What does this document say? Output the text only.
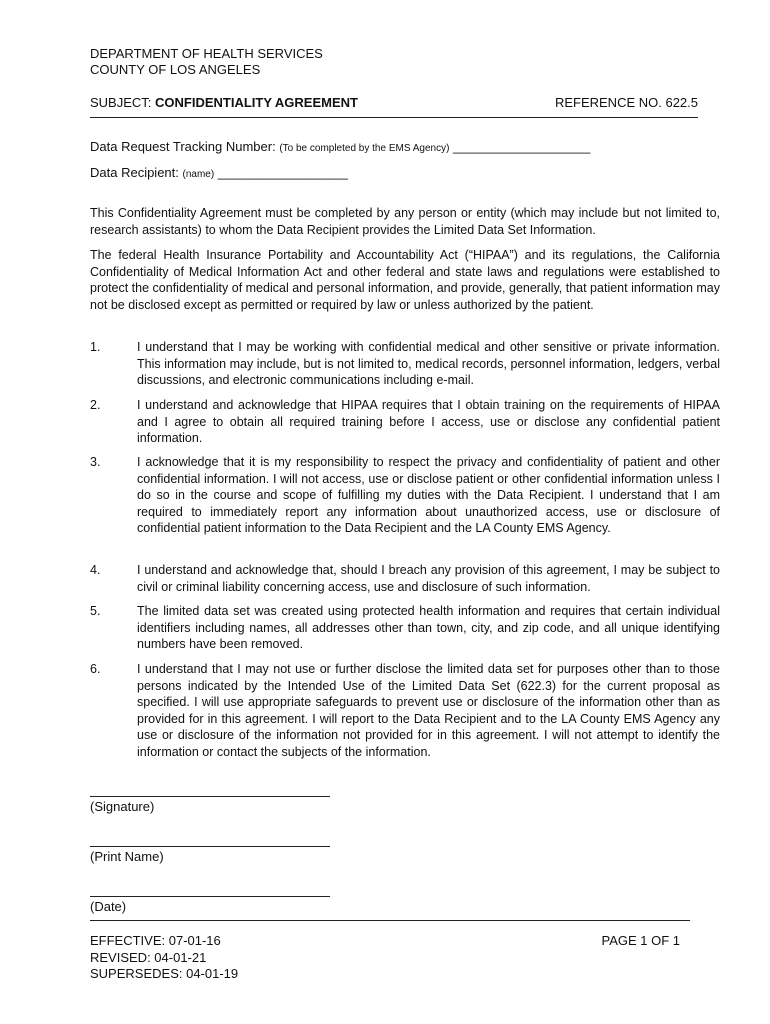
DEPARTMENT OF HEALTH SERVICES
COUNTY OF LOS ANGELES
SUBJECT: CONFIDENTIALITY AGREEMENT	REFERENCE NO. 622.5
Data Request Tracking Number: (To be completed by the EMS Agency) ___________________
Data Recipient: (name) __________________
This Confidentiality Agreement must be completed by any person or entity (which may include but not limited to, research assistants) to whom the Data Recipient provides the Limited Data Set Information.
The federal Health Insurance Portability and Accountability Act (“HIPAA”) and its regulations, the California Confidentiality of Medical Information Act and other federal and state laws and regulations were established to protect the confidentiality of medical and personal information, and provide, generally, that patient information may not be disclosed except as permitted or required by law or unless authorized by the patient.
1.	I understand that I may be working with confidential medical and other sensitive or private information. This information may include, but is not limited to, medical records, personnel information, ledgers, verbal discussions, and electronic communications including e-mail.
2.	I understand and acknowledge that HIPAA requires that I obtain training on the requirements of HIPAA and I agree to obtain all required training before I access, use or disclose any confidential patient information.
3.	I acknowledge that it is my responsibility to respect the privacy and confidentiality of patient and other confidential information. I will not access, use or disclose patient or other confidential information unless I do so in the course and scope of fulfilling my duties with the Data Recipient. I understand that I am required to immediately report any information about unauthorized access, use or disclosure of confidential patient information to the Data Recipient and the LA County EMS Agency.
4.	I understand and acknowledge that, should I breach any provision of this agreement, I may be subject to civil or criminal liability concerning access, use and disclosure of such information.
5.	The limited data set was created using protected health information and requires that certain individual identifiers including names, all addresses other than town, city, and zip code, and all unique identifying numbers have been removed.
6.	I understand that I may not use or further disclose the limited data set for purposes other than to those persons indicated by the Intended Use of the Limited Data Set (622.3) for the current proposal as specified. I will use appropriate safeguards to prevent use or disclosure of the information other than as provided for in this agreement. I will report to the Data Recipient and to the LA County EMS Agency any use or disclosure of the information not provided for in this agreement. I will not attempt to identify the information or contact the subjects of the information.
(Signature)
(Print Name)
(Date)
EFFECTIVE: 07-01-16
REVISED: 04-01-21
SUPERSEDES: 04-01-19
PAGE 1 OF 1
